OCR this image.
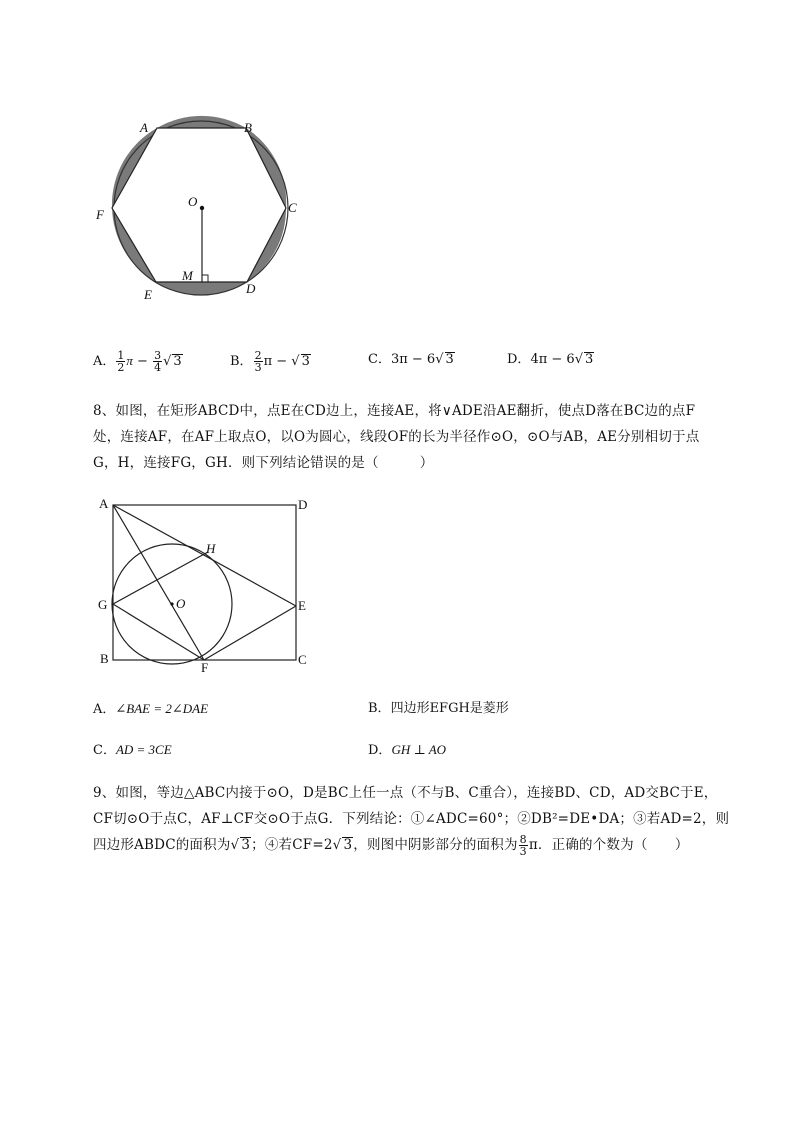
A	B
C
D
E
F
O
M
A． $\frac{1}{2}$ $\pi - \frac{3}{4}$ √ 3	B． $\frac{2}{3}$ π − √ 3	C．3π − 6√ 3	D．4π − 6√ 3

8、如图，在矩形ABCD中，点E在CD边上，连接AE，将∨ADE沿AE翻折，使点D落在BC边的点F

处，连接AF，在AF上取点O，以O为圆心，线段OF的长为半径作⊙O，⊙O与AB，AE分别相切于点

G，H，连接FG，GH．则下列结论错误的是（　　　）

A	D
H
G	O	E
B
F
C
A．∠BAE = 2∠DAE	B．四边形EFGH是菱形
C．AD = 3CE	D．GH ⊥ AO

9、如图，等边△ABC内接于⊙O，D是BC上任一点（不与B、C重合），连接BD、CD，AD交BC于E，

CF切⊙O于点C，AF⊥CF交⊙O于点G．下列结论：①∠ADC=60°；②DB²=DE•DA；③若AD=2，则

四边形ABDC的面积为√ 3；④若CF=2√ 3，则图中阴影部分的面积为 $\frac{8}{3}$ π．正确的个数为（　　）
